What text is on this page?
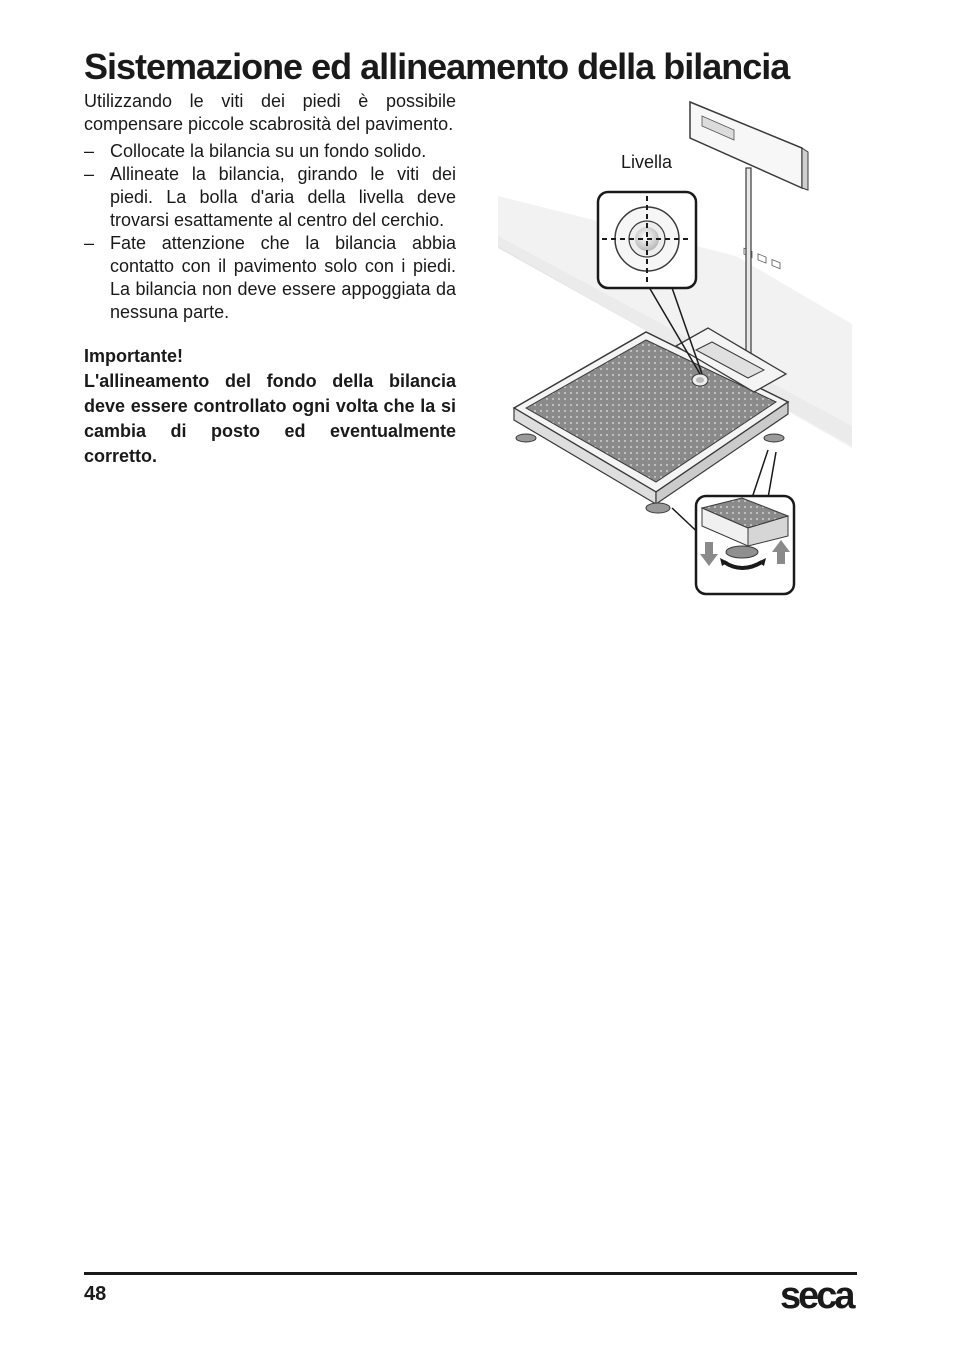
Sistemazione ed allineamento della bilancia

Utilizzando le viti dei piedi è possibile compensare piccole scabrosità del pavimento.

– Collocate la bilancia su un fondo solido.
– Allineate la bilancia, girando le viti dei piedi. La bolla d'aria della livella deve trovarsi esattamente al centro del cerchio.
– Fate attenzione che la bilancia abbia contatto con il pavimento solo con i piedi. La bilancia non deve essere appoggiata da nessuna parte.

Importante!

L'allineamento del fondo della bilancia deve essere controllato ogni volta che la si cambia di posto ed eventualmente corretto.

Livella
48	seca
